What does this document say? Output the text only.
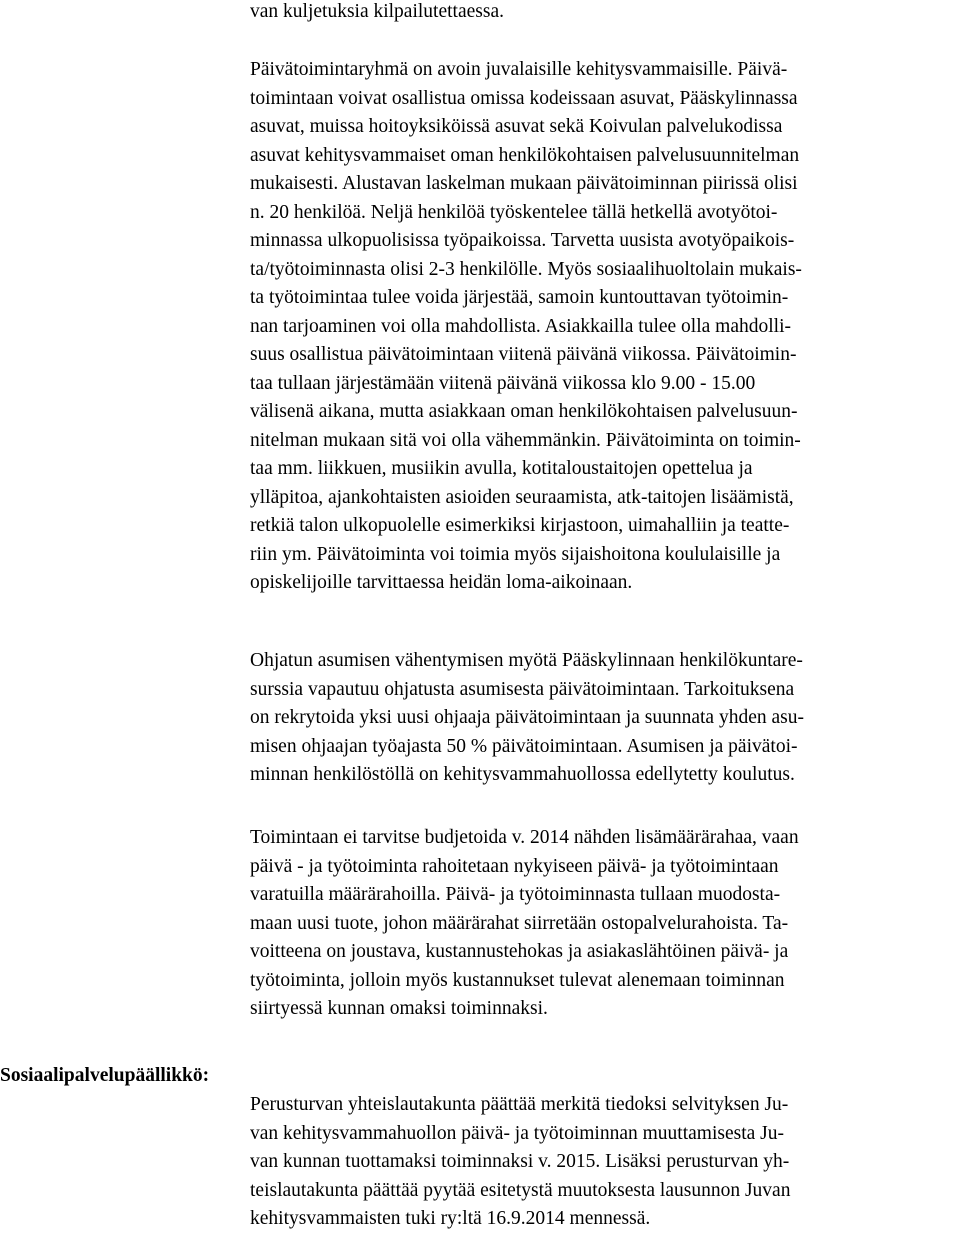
van kuljetuksia kilpailutettaessa.
Päivätoimintaryhmä on avoin juvalaisille kehitysvammaisille. Päivä-
toimintaan voivat osallistua omissa kodeissaan asuvat, Pääskylinnassa
asuvat, muissa hoitoyksiköissä asuvat sekä Koivulan palvelukodissa
asuvat kehitysvammaiset oman henkilökohtaisen palvelusuunnitelman
mukaisesti. Alustavan laskelman mukaan päivätoiminnan piirissä olisi
n. 20 henkilöä. Neljä henkilöä työskentelee tällä hetkellä avotyötoi-
minnassa ulkopuolisissa työpaikoissa. Tarvetta uusista avotyöpaikois-
ta/työtoiminnasta olisi 2-3 henkilölle. Myös sosiaalihuoltolain mukais-
ta työtoimintaa tulee voida järjestää, samoin kuntouttavan työtoimin-
nan tarjoaminen voi olla mahdollista. Asiakkailla tulee olla mahdolli-
suus osallistua päivätoimintaan viitenä päivänä viikossa. Päivätoimin-
taa tullaan järjestämään viitenä päivänä viikossa klo 9.00 - 15.00
välisenä aikana, mutta asiakkaan oman henkilökohtaisen palvelusuun-
nitelman mukaan sitä voi olla vähemmänkin. Päivätoiminta on toimin-
taa mm. liikkuen, musiikin avulla, kotitaloustaitojen opettelua ja
ylläpitoa, ajankohtaisten asioiden seuraamista, atk-taitojen lisäämistä,
retkiä talon ulkopuolelle esimerkiksi kirjastoon, uimahalliin ja teatte-
riin ym. Päivätoiminta voi toimia myös sijaishoitona koululaisille ja
opiskelijoille tarvittaessa heidän loma-aikoinaan.
Ohjatun asumisen vähentymisen myötä Pääskylinnaan henkilökuntare-
surssia vapautuu ohjatusta asumisesta päivätoimintaan. Tarkoituksena
on rekrytoida yksi uusi ohjaaja päivätoimintaan ja suunnata yhden asu-
misen ohjaajan työajasta 50 % päivätoimintaan. Asumisen ja päivätoi-
minnan henkilöstöllä on kehitysvammahuollossa edellytetty koulutus.
Toimintaan ei tarvitse budjetoida v. 2014 nähden lisämäärärahaa, vaan
päivä - ja työtoiminta rahoitetaan nykyiseen päivä- ja työtoimintaan
varatuilla määrärahoilla. Päivä- ja työtoiminnasta tullaan muodosta-
maan uusi tuote, johon määrärahat siirretään ostopalvelurahoista. Ta-
voitteena on joustava, kustannustehokas ja asiakaslähtöinen päivä- ja
työtoiminta, jolloin myös kustannukset tulevat alenemaan toiminnan
siirtyessä kunnan omaksi toiminnaksi.
Sosiaalipalvelupäällikkö:
Perusturvan yhteislautakunta päättää merkitä tiedoksi selvityksen Ju-
van kehitysvammahuollon päivä- ja työtoiminnan muuttamisesta Ju-
van kunnan tuottamaksi toiminnaksi v. 2015. Lisäksi perusturvan yh-
teislautakunta päättää pyytää esitetystä muutoksesta lausunnon Juvan
kehitysvammaisten tuki ry:ltä 16.9.2014 mennessä.
